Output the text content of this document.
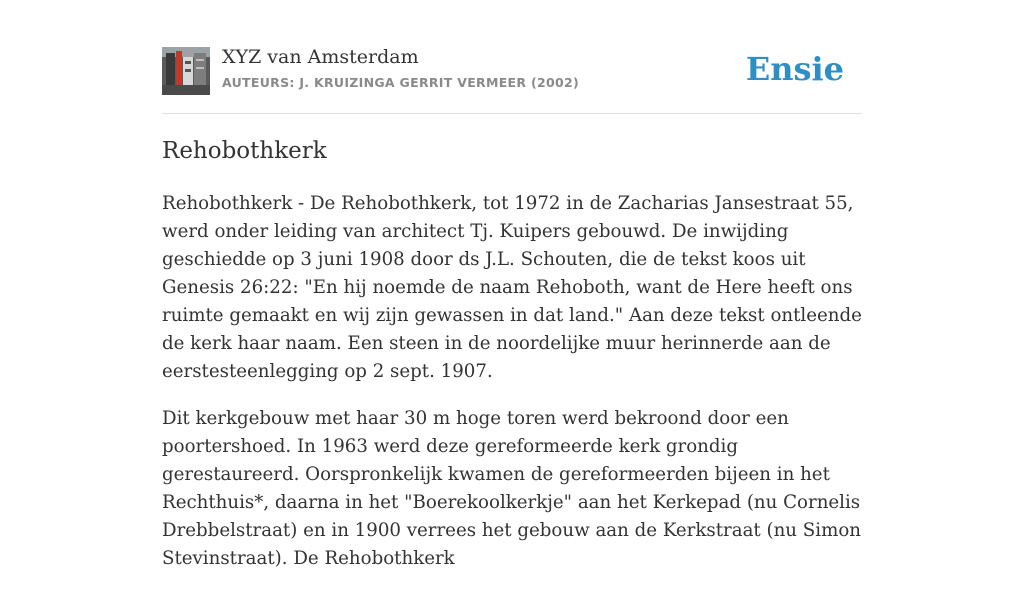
XYZ van Amsterdam
AUTEURS: J. KRUIZINGA GERRIT VERMEER (2002)	Ensie
Rehobothkerk

Rehobothkerk - De Rehobothkerk, tot 1972 in de Zacharias Jansestraat 55, werd onder leiding van architect Tj. Kuipers gebouwd. De inwijding geschiedde op 3 juni 1908 door ds J.L. Schouten, die de tekst koos uit Genesis 26:22: "En hij noemde de naam Rehoboth, want de Here heeft ons ruimte gemaakt en wij zijn gewassen in dat land." Aan deze tekst ontleende de kerk haar naam. Een steen in de noordelijke muur herinnerde aan de eerstesteenlegging op 2 sept. 1907.

Dit kerkgebouw met haar 30 m hoge toren werd bekroond door een poortershoed. In 1963 werd deze gereformeerde kerk grondig gerestaureerd. Oorspronkelijk kwamen de gereformeerden bijeen in het Rechthuis*, daarna in het "Boerekoolkerkje" aan het Kerkepad (nu Cornelis Drebbelstraat) en in 1900 verrees het gebouw aan de Kerkstraat (nu Simon Stevinstraat). De Rehobothkerk
